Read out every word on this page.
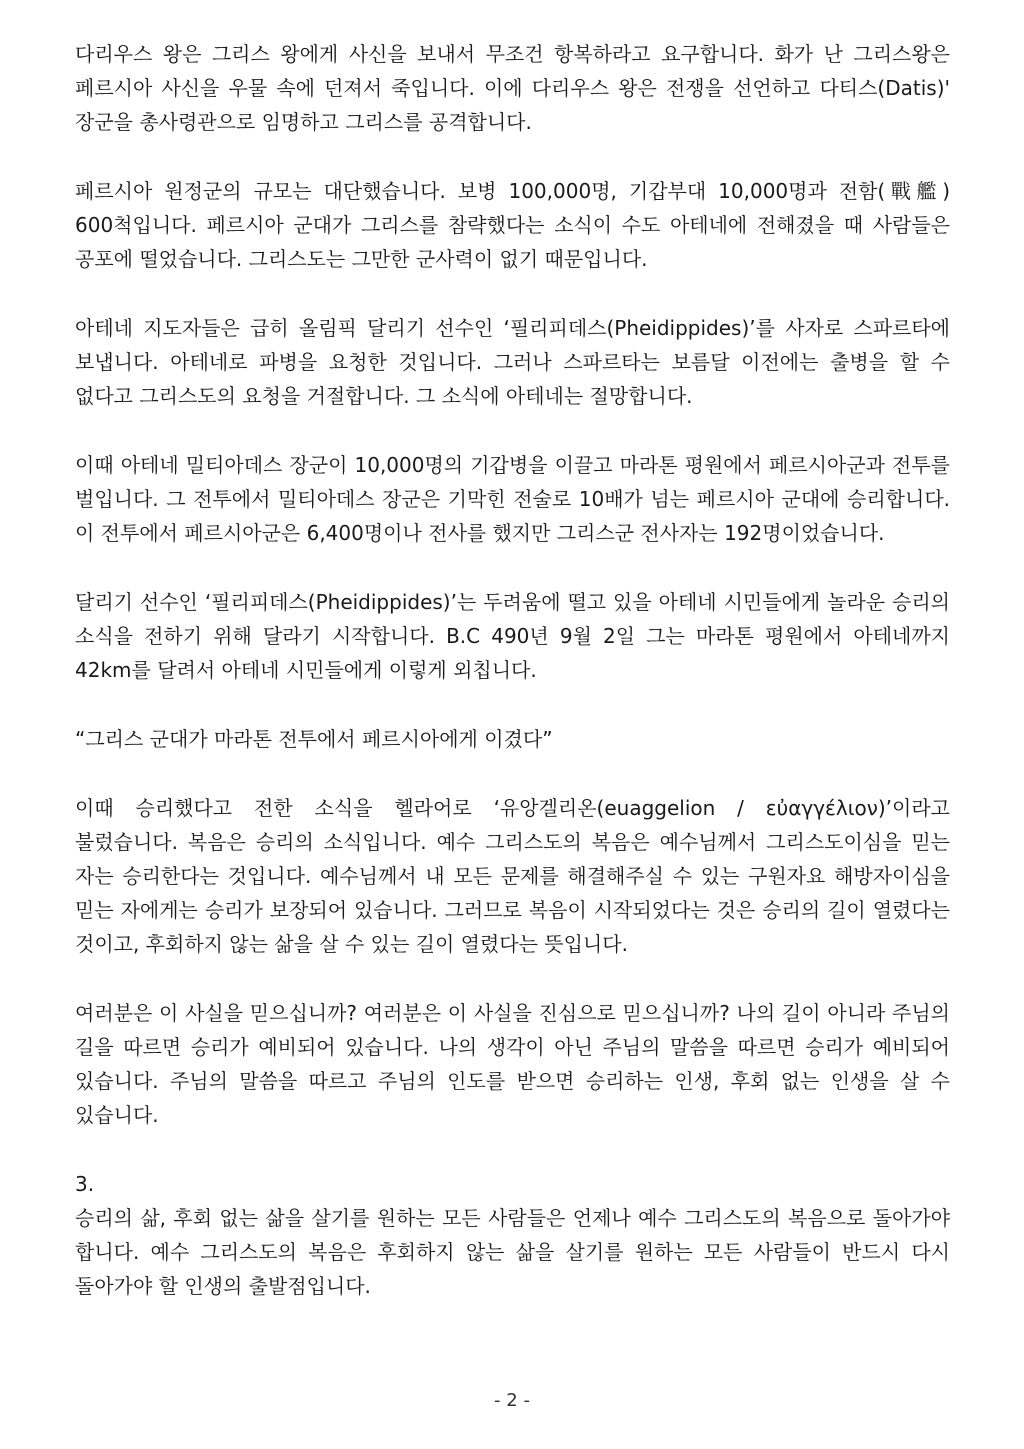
다리우스 왕은 그리스 왕에게 사신을 보내서 무조건 항복하라고 요구합니다. 화가 난 그리스왕은 페르시아 사신을 우물 속에 던져서 죽입니다. 이에 다리우스 왕은 전쟁을 선언하고 다티스(Datis)' 장군을 총사령관으로 임명하고 그리스를 공격합니다.

페르시아 원정군의 규모는 대단했습니다. 보병 100,000명, 기갑부대 10,000명과 전함(戰艦) 600척입니다. 페르시아 군대가 그리스를 참략했다는 소식이 수도 아테네에 전해졌을 때 사람들은 공포에 떨었습니다. 그리스도는 그만한 군사력이 없기 때문입니다.

아테네 지도자들은 급히 올림픽 달리기 선수인 ‘필리피데스(Pheidippides)’를 사자로 스파르타에 보냅니다. 아테네로 파병을 요청한 것입니다. 그러나 스파르타는 보름달 이전에는 출병을 할 수 없다고 그리스도의 요청을 거절합니다. 그 소식에 아테네는 절망합니다.

이때 아테네 밀티아데스 장군이 10,000명의 기갑병을 이끌고 마라톤 평원에서 페르시아군과 전투를 벌입니다. 그 전투에서 밀티아데스 장군은 기막힌 전술로 10배가 넘는 페르시아 군대에 승리합니다. 이 전투에서 페르시아군은 6,400명이나 전사를 했지만 그리스군 전사자는 192명이었습니다.

달리기 선수인 ‘필리피데스(Pheidippides)’는 두려움에 떨고 있을 아테네 시민들에게 놀라운 승리의 소식을 전하기 위해 달라기 시작합니다. B.C 490년 9월 2일 그는 마라톤 평원에서 아테네까지 42km를 달려서 아테네 시민들에게 이렇게 외칩니다.

“그리스 군대가 마라톤 전투에서 페르시아에게 이겼다”

이때 승리했다고 전한 소식을 헬라어로 ‘유앙겔리온(euaggelion / εὐαγγέλιον)’이라고 불렀습니다. 복음은 승리의 소식입니다. 예수 그리스도의 복음은 예수님께서 그리스도이심을 믿는 자는 승리한다는 것입니다. 예수님께서 내 모든 문제를 해결해주실 수 있는 구원자요 해방자이심을 믿는 자에게는 승리가 보장되어 있습니다. 그러므로 복음이 시작되었다는 것은 승리의 길이 열렸다는 것이고, 후회하지 않는 삶을 살 수 있는 길이 열렸다는 뜻입니다.

여러분은 이 사실을 믿으십니까? 여러분은 이 사실을 진심으로 믿으십니까? 나의 길이 아니라 주님의 길을 따르면 승리가 예비되어 있습니다. 나의 생각이 아닌 주님의 말씀을 따르면 승리가 예비되어 있습니다. 주님의 말씀을 따르고 주님의 인도를 받으면 승리하는 인생, 후회 없는 인생을 살 수 있습니다.

3.

승리의 삶, 후회 없는 삶을 살기를 원하는 모든 사람들은 언제나 예수 그리스도의 복음으로 돌아가야 합니다. 예수 그리스도의 복음은 후회하지 않는 삶을 살기를 원하는 모든 사람들이 반드시 다시 돌아가야 할 인생의 출발점입니다.

- 2 -
